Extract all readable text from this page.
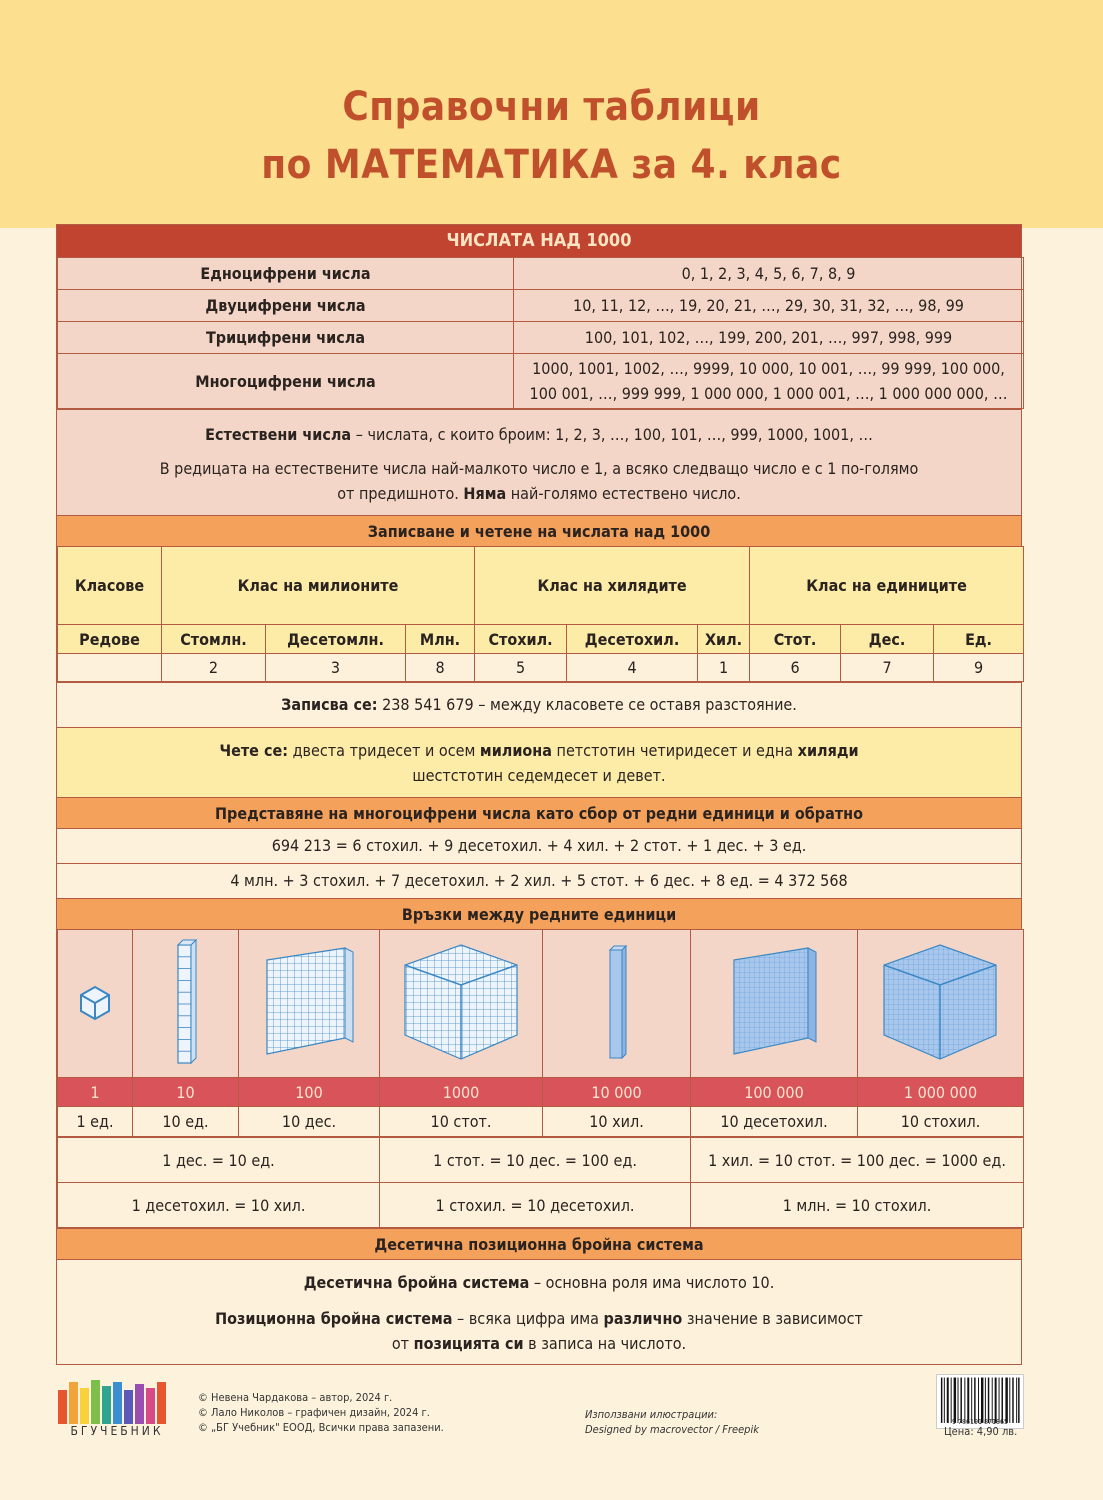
Справочни таблици
по МАТЕМАТИКА за 4. клас
ЧИСЛАТА НАД 1000
Едноцифрени числа	0, 1, 2, 3, 4, 5, 6, 7, 8, 9
Двуцифрени числа	10, 11, 12, …, 19, 20, 21, …, 29, 30, 31, 32, …, 98, 99
Трицифрени числа	100, 101, 102, …, 199, 200, 201, …, 997, 998, 999
Многоцифрени числа	1000, 1001, 1002, …, 9999, 10 000, 10 001, …, 99 999, 100 000,
100 001, …, 999 999, 1 000 000, 1 000 001, …, 1 000 000 000, …

Естествени числа – числата, с които броим: 1, 2, 3, …, 100, 101, …, 999, 1000, 1001, …

В редицата на естествените числа най-малкото число е 1, а всяко следващо число е с 1 по-голямо

от предишното. Няма най-голямо естествено число.

Записване и четене на числата над 1000
Класове	Клас на милионите			Клас на хилядите			Клас на единиците		
Редове	Стомлн.	Десетомлн.	Млн.	Стохил.	Десетохил.	Хил.	Стот.	Дес.	Ед.
	2	3	8	5	4	1	6	7	9
Записва се: 238 541 679 – между класовете се оставя разстояние.

Чете се: двеста тридесет и осем милиона петстотин четиридесет и една хиляди

шестстотин седемдесет и девет.

Представяне на многоцифрени числа като сбор от редни единици и обратно
694 213 = 6 стохил. + 9 десетохил. + 4 хил. + 2 стот. + 1 дес. + 3 ед.
4 млн. + 3 стохил. + 7 десетохил. + 2 хил. + 5 стот. + 6 дес. + 8 ед. = 4 372 568
Връзки между редните единици

1	10	100	1000	10 000	100 000	1 000 000
1 ед.	10 ед.	10 дес.	10 стот.	10 хил.	10 десетохил.	10 стохил.
1 дес. = 10 ед.	1 стот. = 10 дес. = 100 ед.	1 хил. = 10 стот. = 100 дес. = 1000 ед.
1 десетохил. = 10 хил.	1 стохил. = 10 десетохил.	1 млн. = 10 стохил.
Десетична позиционна бройна система

Десетична бройна система – основна роля има числото 10.

Позиционна бройна система – всяка цифра има различно значение в зависимост

от позицията си в записа на числото.

БГУЧЕБНИК
© Невена Чардакова – автор, 2024 г.
© Лало Николов – графичен дизайн, 2024 г.
© „БГ Учебник" ЕООД, Всички права запазени.
Използвани илюстрации:
Designed by macrovector / Freepik
9 786191 871865
Цена: 4,90 лв.
